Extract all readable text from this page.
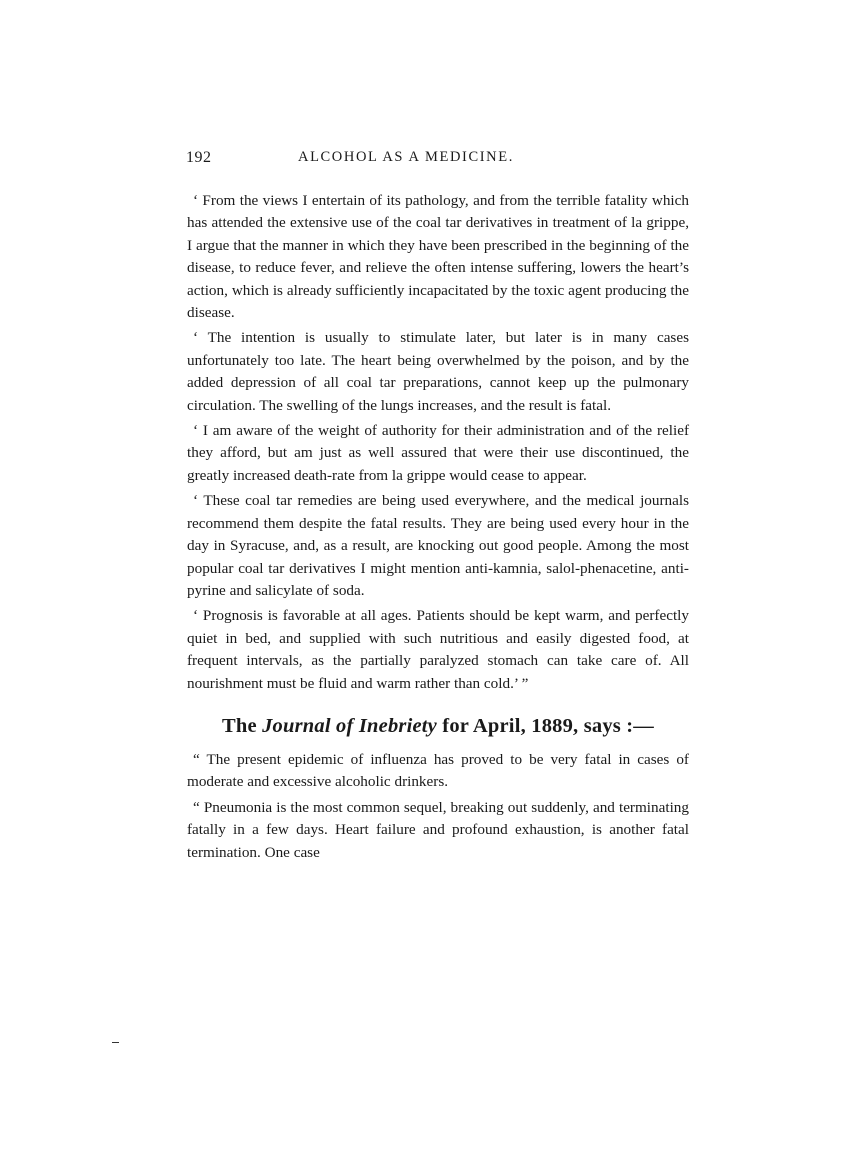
192	ALCOHOL AS A MEDICINE.

‘ From the views I entertain of its pathology, and from the terrible fatality which has attended the extensive use of the coal tar derivatives in treatment of la grippe, I argue that the manner in which they have been prescribed in the beginning of the disease, to reduce fever, and relieve the often intense suffering, lowers the heart’s action, which is already sufficiently incapacitated by the toxic agent producing the disease.

‘ The intention is usually to stimulate later, but later is in many cases unfortunately too late. The heart being overwhelmed by the poison, and by the added depression of all coal tar preparations, cannot keep up the pulmonary circulation. The swelling of the lungs increases, and the result is fatal.

‘ I am aware of the weight of authority for their administration and of the relief they afford, but am just as well assured that were their use discontinued, the greatly increased death-rate from la grippe would cease to appear.

‘ These coal tar remedies are being used everywhere, and the medical journals recommend them despite the fatal results. They are being used every hour in the day in Syracuse, and, as a result, are knocking out good people. Among the most popular coal tar derivatives I might mention anti-kamnia, salol-phenacetine, anti-pyrine and salicylate of soda.

‘ Prognosis is favorable at all ages. Patients should be kept warm, and perfectly quiet in bed, and supplied with such nutritious and easily digested food, at frequent intervals, as the partially paralyzed stomach can take care of. All nourishment must be fluid and warm rather than cold.’ ”

The Journal of Inebriety for April, 1889, says :—

“ The present epidemic of influenza has proved to be very fatal in cases of moderate and excessive alcoholic drinkers.

“ Pneumonia is the most common sequel, breaking out suddenly, and terminating fatally in a few days. Heart failure and profound exhaustion, is another fatal termination. One case
